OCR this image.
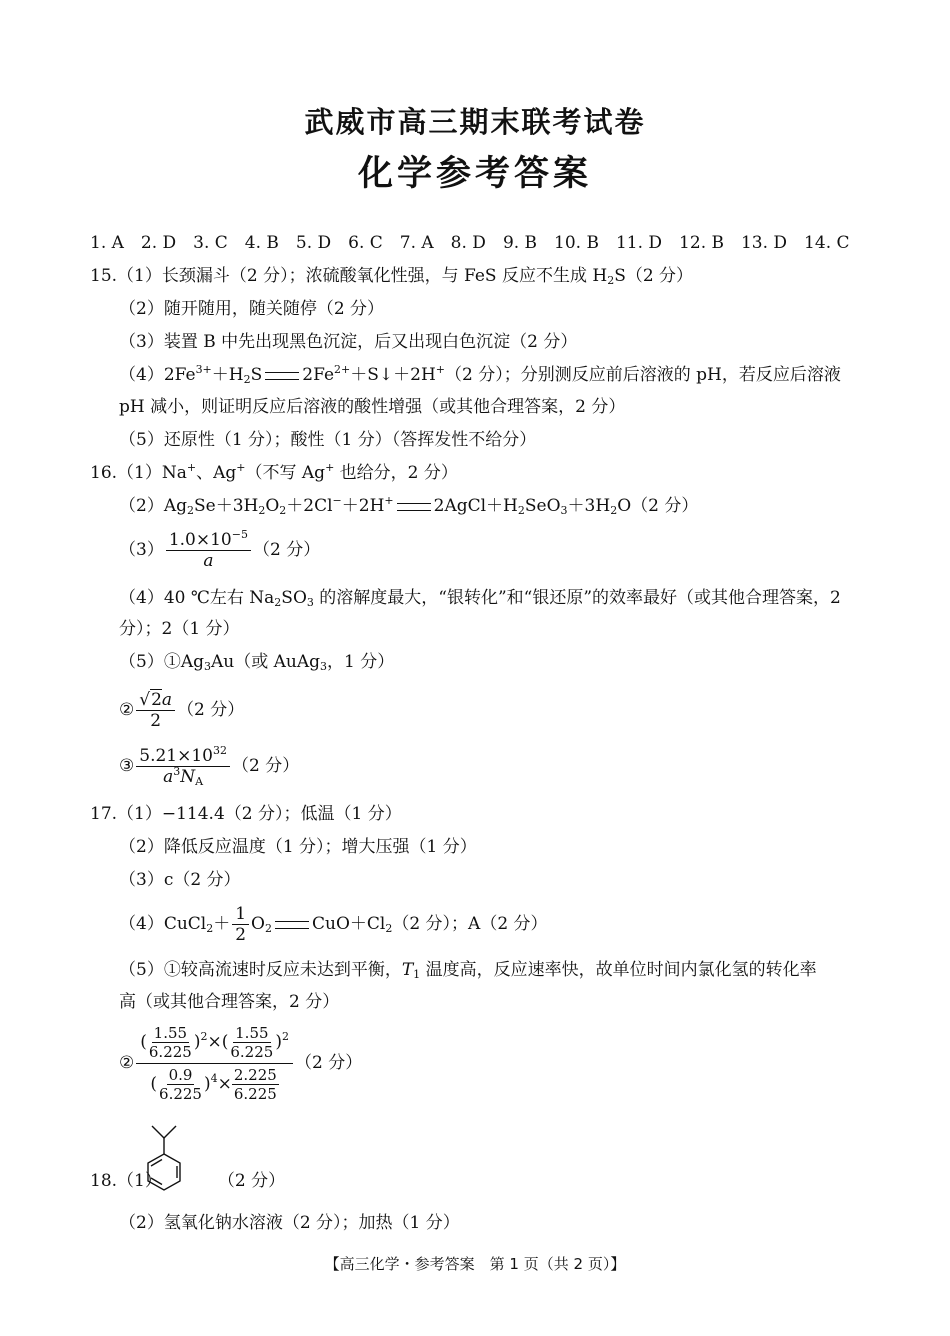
武威市高三期末联考试卷
化学参考答案
1. A　2. D　3. C　4. B　5. D　6. C　7. A　8. D　9. B　10. B　11. D　12. B　13. D　14. C
15.（1）长颈漏斗（2 分）；浓硫酸氧化性强，与 FeS 反应不生成 $H_2S(2$ 分）
（2）随开随用，随关随停（2 分）
（3）装置 B 中先出现黑色沉淀，后又出现白色沉淀（2 分）
$(4)2Fe^{3+}+H_2S$ $2Fe^{2+}+S↓+2H^+(2$ 分）；分别测反应前后溶液的 pH，若反应后溶液
pH 减小，则证明反应后溶液的酸性增强（或其他合理答案，2 分）
（5）还原性（1 分）；酸性（1 分）（答挥发性不给分）
16.（1）Na+、Ag+（不写 Ag+ 也给分，2 分）
$(2)Ag_2Se+3H_2O_2+2Cl^-+2H^+$ $2AgCl+H_2SeO_3+3H_2O(2$ 分）
$(3) \frac{1.0\times 10^{-5}}{a} (2$ 分）
（4）40 ℃左右 $Na_2SO_3$ 的溶解度最大，“银转化”和“银还原”的效率最好（或其他合理答案，2
分）；2（1 分）
$(5)①Ag_3Au$（或 AuAg$_3$，1 分）
② $\frac{√2a}{2} (2$ 分）
③ $\frac{5.21\times 10^{32}}{a^3N_A} (2$ 分）
17.（1）−114.4（2 分）；低温（1 分）
（2）降低反应温度（1 分）；增大压强（1 分）
（3）c（2 分）
（4）CuCl$_2$＋ $\frac{1}{2} O_2$ $CuO+Cl_2(2$ 分）；A（2 分）
（5）①较高流速时反应未达到平衡，$T_1$ 温度高，反应速率快，故单位时间内氯化氢的转化率
高（或其他合理答案，2 分）
② $\frac{( \frac{1.55}{6.225} )^2\times( \frac{1.55}{6.225} )^2}{( \frac{0.9}{6.225} )^4\times \frac{2.225}{6.225}} (2$ 分）
18.（1）	（2 分）
（2）氢氧化钠水溶液（2 分）；加热（1 分）
【高三化学・参考答案　第 1 页（共 2 页）】
